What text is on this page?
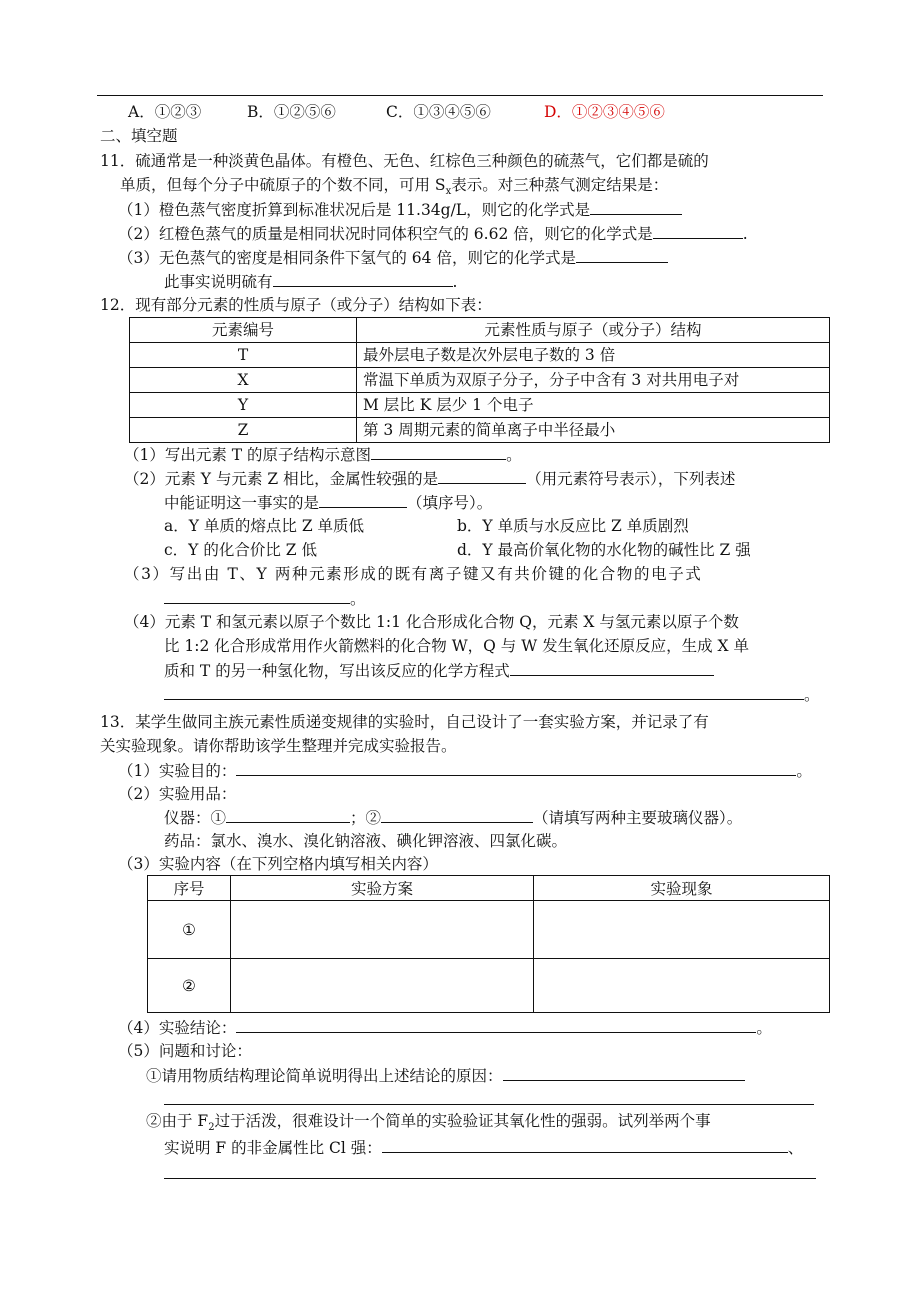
A．①②③	B．①②⑤⑥	C．①③④⑤⑥	D．①②③④⑤⑥
二、填空题
11．硫通常是一种淡黄色晶体。有橙色、无色、红棕色三种颜色的硫蒸气，它们都是硫的
单质，但每个分子中硫原子的个数不同，可用 $S_x$表示。对三种蒸气测定结果是：
（1）橙色蒸气密度折算到标准状况后是 11.34g/L，则它的化学式是
（2）红橙色蒸气的质量是相同状况时同体积空气的 6.62 倍，则它的化学式是	.
（3）无色蒸气的密度是相同条件下氢气的 64 倍，则它的化学式是
此事实说明硫有	.
12．现有部分元素的性质与原子（或分子）结构如下表：
元素编号	元素性质与原子（或分子）结构
T	最外层电子数是次外层电子数的 3 倍
X	常温下单质为双原子分子，分子中含有 3 对共用电子对
Y	M 层比 K 层少 1 个电子
Z	第 3 周期元素的简单离子中半径最小
（1）写出元素 T 的原子结构示意图	。
（2）元素 Y 与元素 Z 相比，金属性较强的是	（用元素符号表示），下列表述
中能证明这一事实的是	（填序号）。
a．Y 单质的熔点比 Z 单质低	b．Y 单质与水反应比 Z 单质剧烈
c．Y 的化合价比 Z 低	d．Y 最高价氧化物的水化物的碱性比 Z 强
（3）写出由 T、Y 两种元素形成的既有离子键又有共价键的化合物的电子式
。
（4）元素 T 和氢元素以原子个数比 1:1 化合形成化合物 Q，元素 X 与氢元素以原子个数
比 1:2 化合形成常用作火箭燃料的化合物 W，Q 与 W 发生氧化还原反应，生成 X 单
质和 T 的另一种氢化物，写出该反应的化学方程式
。
13．某学生做同主族元素性质递变规律的实验时，自己设计了一套实验方案，并记录了有
关实验现象。请你帮助该学生整理并完成实验报告。
（1）实验目的：	。
（2）实验用品：
仪器：①	；②	（请填写两种主要玻璃仪器）。
药品：氯水、溴水、溴化钠溶液、碘化钾溶液、四氯化碳。
（3）实验内容（在下列空格内填写相关内容）
序号	实验方案	实验现象
①		
②		
（4）实验结论：	。
（5）问题和讨论：
①请用物质结构理论简单说明得出上述结论的原因：
②由于 $F_2$过于活泼，很难设计一个简单的实验验证其氧化性的强弱。试列举两个事
实说明 F 的非金属性比 Cl 强：	、
